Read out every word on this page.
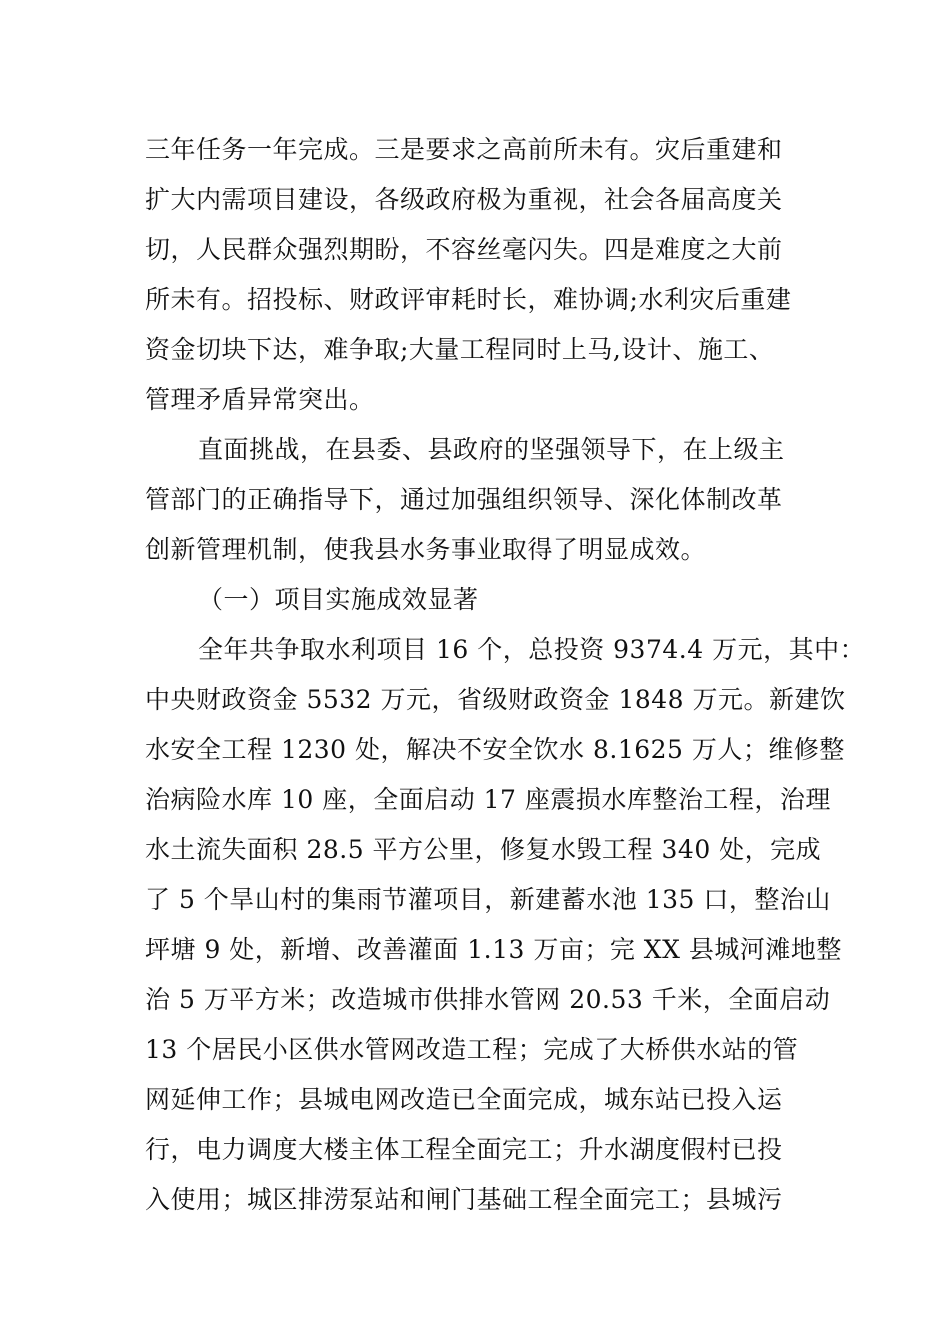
三年任务一年完成。三是要求之高前所未有。灾后重建和
扩大内需项目建设，各级政府极为重视，社会各届高度关
切，人民群众强烈期盼，不容丝毫闪失。四是难度之大前
所未有。招投标、财政评审耗时长，难协调;水利灾后重建
资金切块下达，难争取;大量工程同时上马,设计、施工、
管理矛盾异常突出。
直面挑战，在县委、县政府的坚强领导下，在上级主
管部门的正确指导下，通过加强组织领导、深化体制改革
创新管理机制，使我县水务事业取得了明显成效。
（一）项目实施成效显著
全年共争取水利项目 16 个，总投资 9374.4 万元，其中：
中央财政资金 5532 万元，省级财政资金 1848 万元。新建饮
水安全工程 1230 处，解决不安全饮水 8.1625 万人；维修整
治病险水库 10 座，全面启动 17 座震损水库整治工程，治理
水土流失面积 28.5 平方公里，修复水毁工程 340 处，完成
了 5 个旱山村的集雨节灌项目，新建蓄水池 135 口，整治山
坪塘 9 处，新增、改善灌面 1.13 万亩；完 XX 县城河滩地整
治 5 万平方米；改造城市供排水管网 20.53 千米，全面启动
13 个居民小区供水管网改造工程；完成了大桥供水站的管
网延伸工作；县城电网改造已全面完成，城东站已投入运
行，电力调度大楼主体工程全面完工；升水湖度假村已投
入使用；城区排涝泵站和闸门基础工程全面完工；县城污
